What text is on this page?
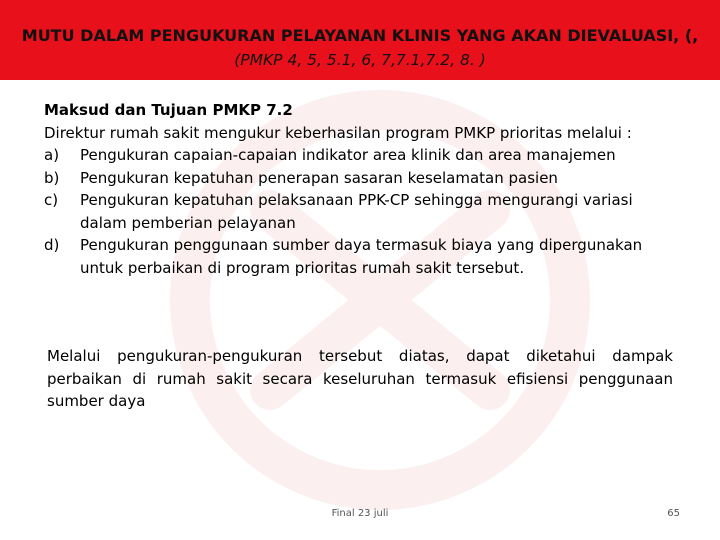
MUTU DALAM PENGUKURAN PELAYANAN KLINIS YANG AKAN DIEVALUASI, (,
(PMKP 4, 5, 5.1, 6, 7,7.1,7.2, 8. )
Maksud dan Tujuan PMKP 7.2
Direktur rumah sakit mengukur keberhasilan program PMKP prioritas melalui :
a)	Pengukuran capaian-capaian indikator area klinik dan area manajemen
b)	Pengukuran kepatuhan penerapan sasaran keselamatan pasien
c)	Pengukuran kepatuhan pelaksanaan PPK-CP sehingga mengurangi variasi dalam pemberian pelayanan
d)	Pengukuran penggunaan sumber daya termasuk biaya yang dipergunakan untuk perbaikan di program prioritas rumah sakit tersebut.
Melalui pengukuran-pengukuran tersebut diatas, dapat diketahui dampak perbaikan di rumah sakit secara keseluruhan termasuk efisiensi penggunaan sumber daya
Final 23 juli	65
